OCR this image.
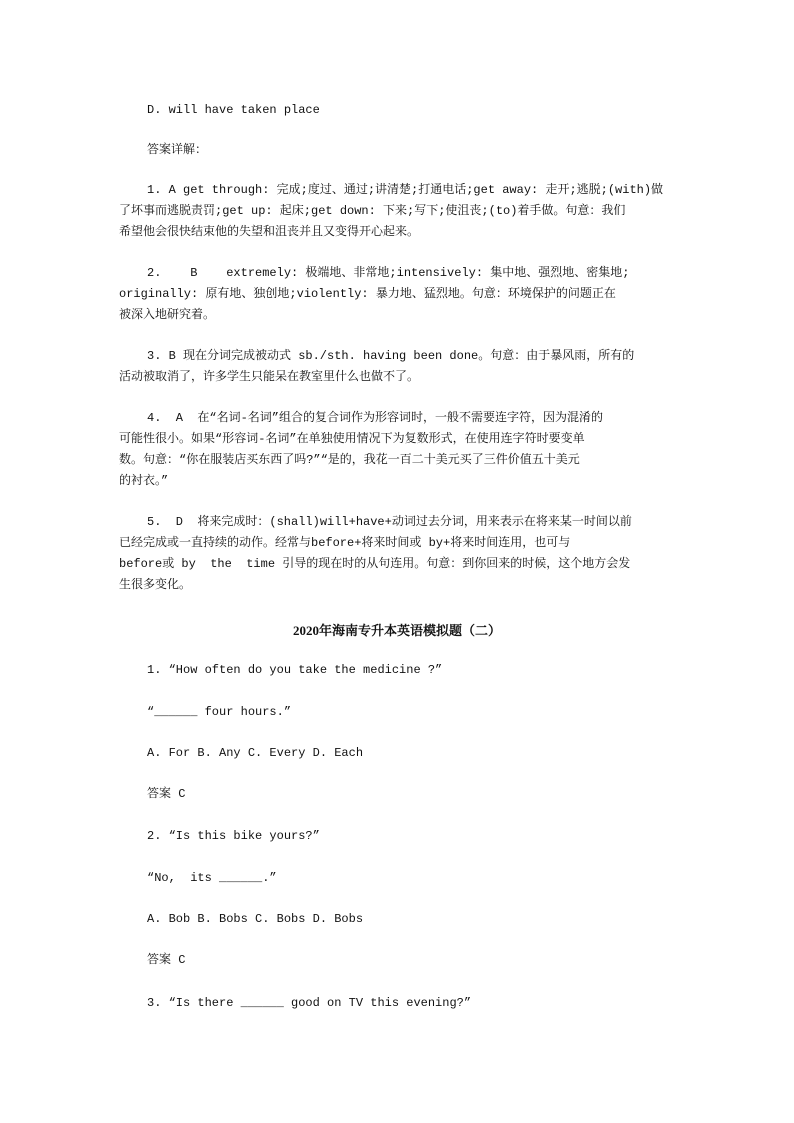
D. will have taken place
答案详解：
1. A get through: 完成;度过、通过;讲清楚;打通电话;get away: 走开;逃脱;(with)做
了坏事而逃脱责罚;get up: 起床;get down: 下来;写下;使沮丧;(to)着手做。句意：我们
希望他会很快结束他的失望和沮丧并且又变得开心起来。
2.    B    extremely: 极端地、非常地;intensively: 集中地、强烈地、密集地;
originally: 原有地、独创地;violently: 暴力地、猛烈地。句意：环境保护的问题正在
被深入地研究着。
3. B 现在分词完成被动式 sb./sth. having been done。句意：由于暴风雨，所有的
活动被取消了，许多学生只能呆在教室里什么也做不了。
4.  A  在“名词-名词”组合的复合词作为形容词时，一般不需要连字符，因为混淆的
可能性很小。如果“形容词-名词”在单独使用情况下为复数形式，在使用连字符时要变单
数。句意：“你在服装店买东西了吗?”“是的，我花一百二十美元买了三件价值五十美元
的衬衣。”
5.  D  将来完成时：(shall)will+have+动词过去分词，用来表示在将来某一时间以前
已经完成或一直持续的动作。经常与before+将来时间或 by+将来时间连用，也可与
before或 by  the  time 引导的现在时的从句连用。句意：到你回来的时候，这个地方会发
生很多变化。
2020年海南专升本英语模拟题（二）
1. “How often do you take the medicine ?”
“______ four hours.”
A. For B. Any C. Every D. Each
答案 C
2. “Is this bike yours?”
“No,  its ______.”
A. Bob B. Bobs C. Bobs D. Bobs
答案 C
3. “Is there ______ good on TV this evening?”
